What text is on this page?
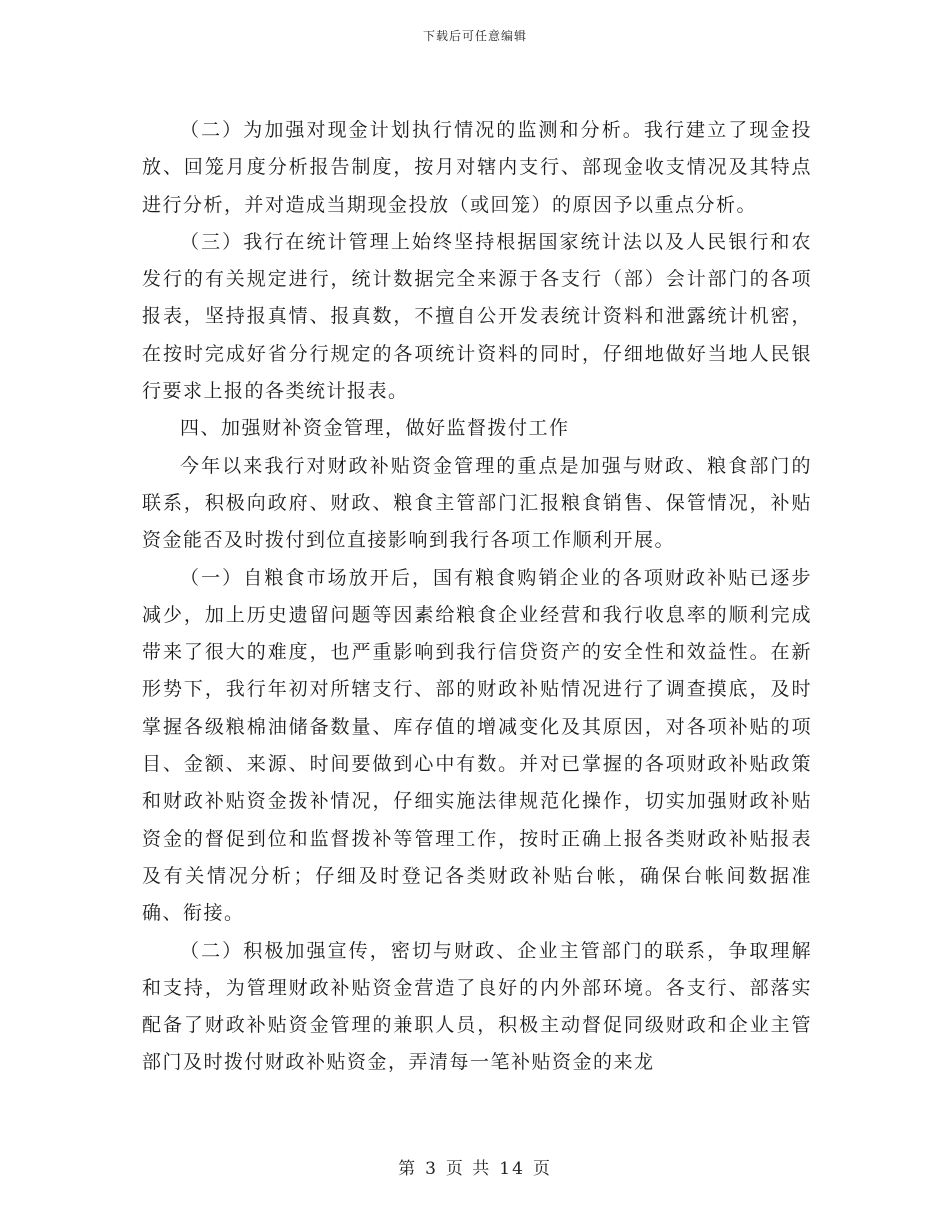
下载后可任意编辑

（二）为加强对现金计划执行情况的监测和分析。我行建立了现金投放、回笼月度分析报告制度，按月对辖内支行、部现金收支情况及其特点进行分析，并对造成当期现金投放（或回笼）的原因予以重点分析。

（三）我行在统计管理上始终坚持根据国家统计法以及人民银行和农发行的有关规定进行，统计数据完全来源于各支行（部）会计部门的各项报表，坚持报真情、报真数，不擅自公开发表统计资料和泄露统计机密，在按时完成好省分行规定的各项统计资料的同时，仔细地做好当地人民银行要求上报的各类统计报表。

四、加强财补资金管理，做好监督拨付工作

今年以来我行对财政补贴资金管理的重点是加强与财政、粮食部门的联系，积极向政府、财政、粮食主管部门汇报粮食销售、保管情况，补贴资金能否及时拨付到位直接影响到我行各项工作顺利开展。

（一）自粮食市场放开后，国有粮食购销企业的各项财政补贴已逐步减少，加上历史遗留问题等因素给粮食企业经营和我行收息率的顺利完成带来了很大的难度，也严重影响到我行信贷资产的安全性和效益性。在新形势下，我行年初对所辖支行、部的财政补贴情况进行了调查摸底，及时掌握各级粮棉油储备数量、库存值的增减变化及其原因，对各项补贴的项目、金额、来源、时间要做到心中有数。并对已掌握的各项财政补贴政策和财政补贴资金拨补情况，仔细实施法律规范化操作，切实加强财政补贴资金的督促到位和监督拨补等管理工作，按时正确上报各类财政补贴报表及有关情况分析；仔细及时登记各类财政补贴台帐，确保台帐间数据准确、衔接。

（二）积极加强宣传，密切与财政、企业主管部门的联系，争取理解和支持，为管理财政补贴资金营造了良好的内外部环境。各支行、部落实配备了财政补贴资金管理的兼职人员，积极主动督促同级财政和企业主管部门及时拨付财政补贴资金，弄清每一笔补贴资金的来龙

第 3 页 共 14 页
